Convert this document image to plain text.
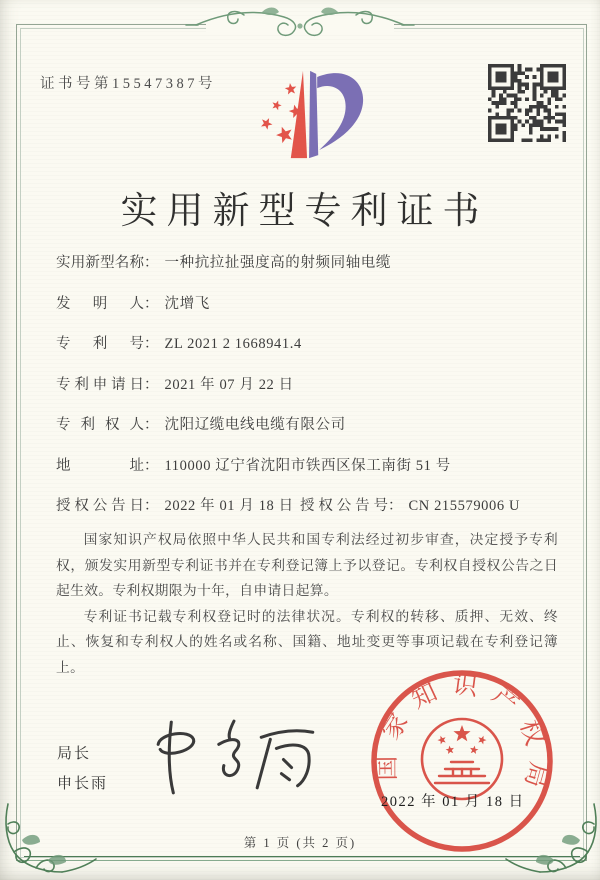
证书号第15547387号
实用新型专利证书
实用新型名称： 一种抗拉扯强度高的射频同轴电缆
发明人： 沈增飞
专利号： ZL 2021 2 1668941.4
专利申请日： 2021 年 07 月 22 日
专利权人： 沈阳辽缆电线电缆有限公司
地址： 110000 辽宁省沈阳市铁西区保工南街 51 号
授权公告日： 2022 年 01 月 18 日 授权公告号： CN 215579006 U

国家知识产权局依照中华人民共和国专利法经过初步审查，决定授予专利权，颁发实用新型专利证书并在专利登记簿上予以登记。专利权自授权公告之日起生效。专利权期限为十年，自申请日起算。

专利证书记载专利权登记时的法律状况。专利权的转移、质押、无效、终止、恢复和专利权人的姓名或名称、国籍、地址变更等事项记载在专利登记簿上。

局长
申长雨
国家知识产权局
2022 年 01 月 18 日
第 1 页 (共 2 页)
